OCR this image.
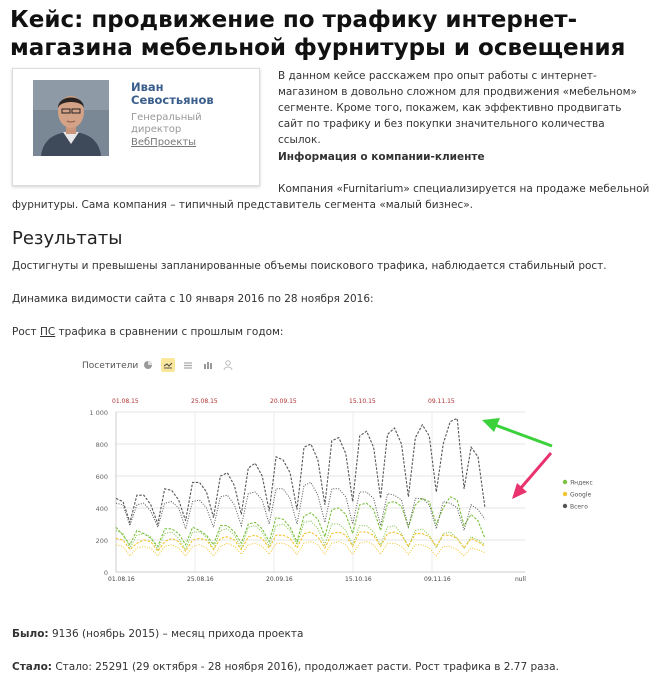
Кейс: продвижение по трафику интернет-магазина мебельной фурнитуры и освещения
Иван
Севостьянов
Генеральный
директор
ВебПроекты

В данном кейсе расскажем про опыт работы с интернет-магазином в довольно сложном для продвижения «мебельном» сегменте. Кроме того, покажем, как эффективно продвигать сайт по трафику и без покупки значительного количества ссылок.

Информация о компании-клиенте

Компания «Furnitarium» специализируется на продаже мебельной

фурнитуры. Сама компания – типичный представитель сегмента «малый бизнес».

Результаты

Достигнуты и превышены запланированные объемы поискового трафика, наблюдается стабильный рост.

Динамика видимости сайта с 10 января 2016 по 28 ноября 2016:

Рост ПС трафика в сравнении с прошлым годом:

Посетители
1 000
800
600
400
200
0
01.08.15	25.08.15	20.09.15	15.10.15	09.11.15
01.08.16	25.08.16	20.09.16	15.10.16	09.11.16	null
Яндекс
Google
Всего

Было: 9136 (ноябрь 2015) – месяц прихода проекта

Стало: Стало: 25291 (29 октября - 28 ноября 2016), продолжает расти. Рост трафика в 2.77 раза.
